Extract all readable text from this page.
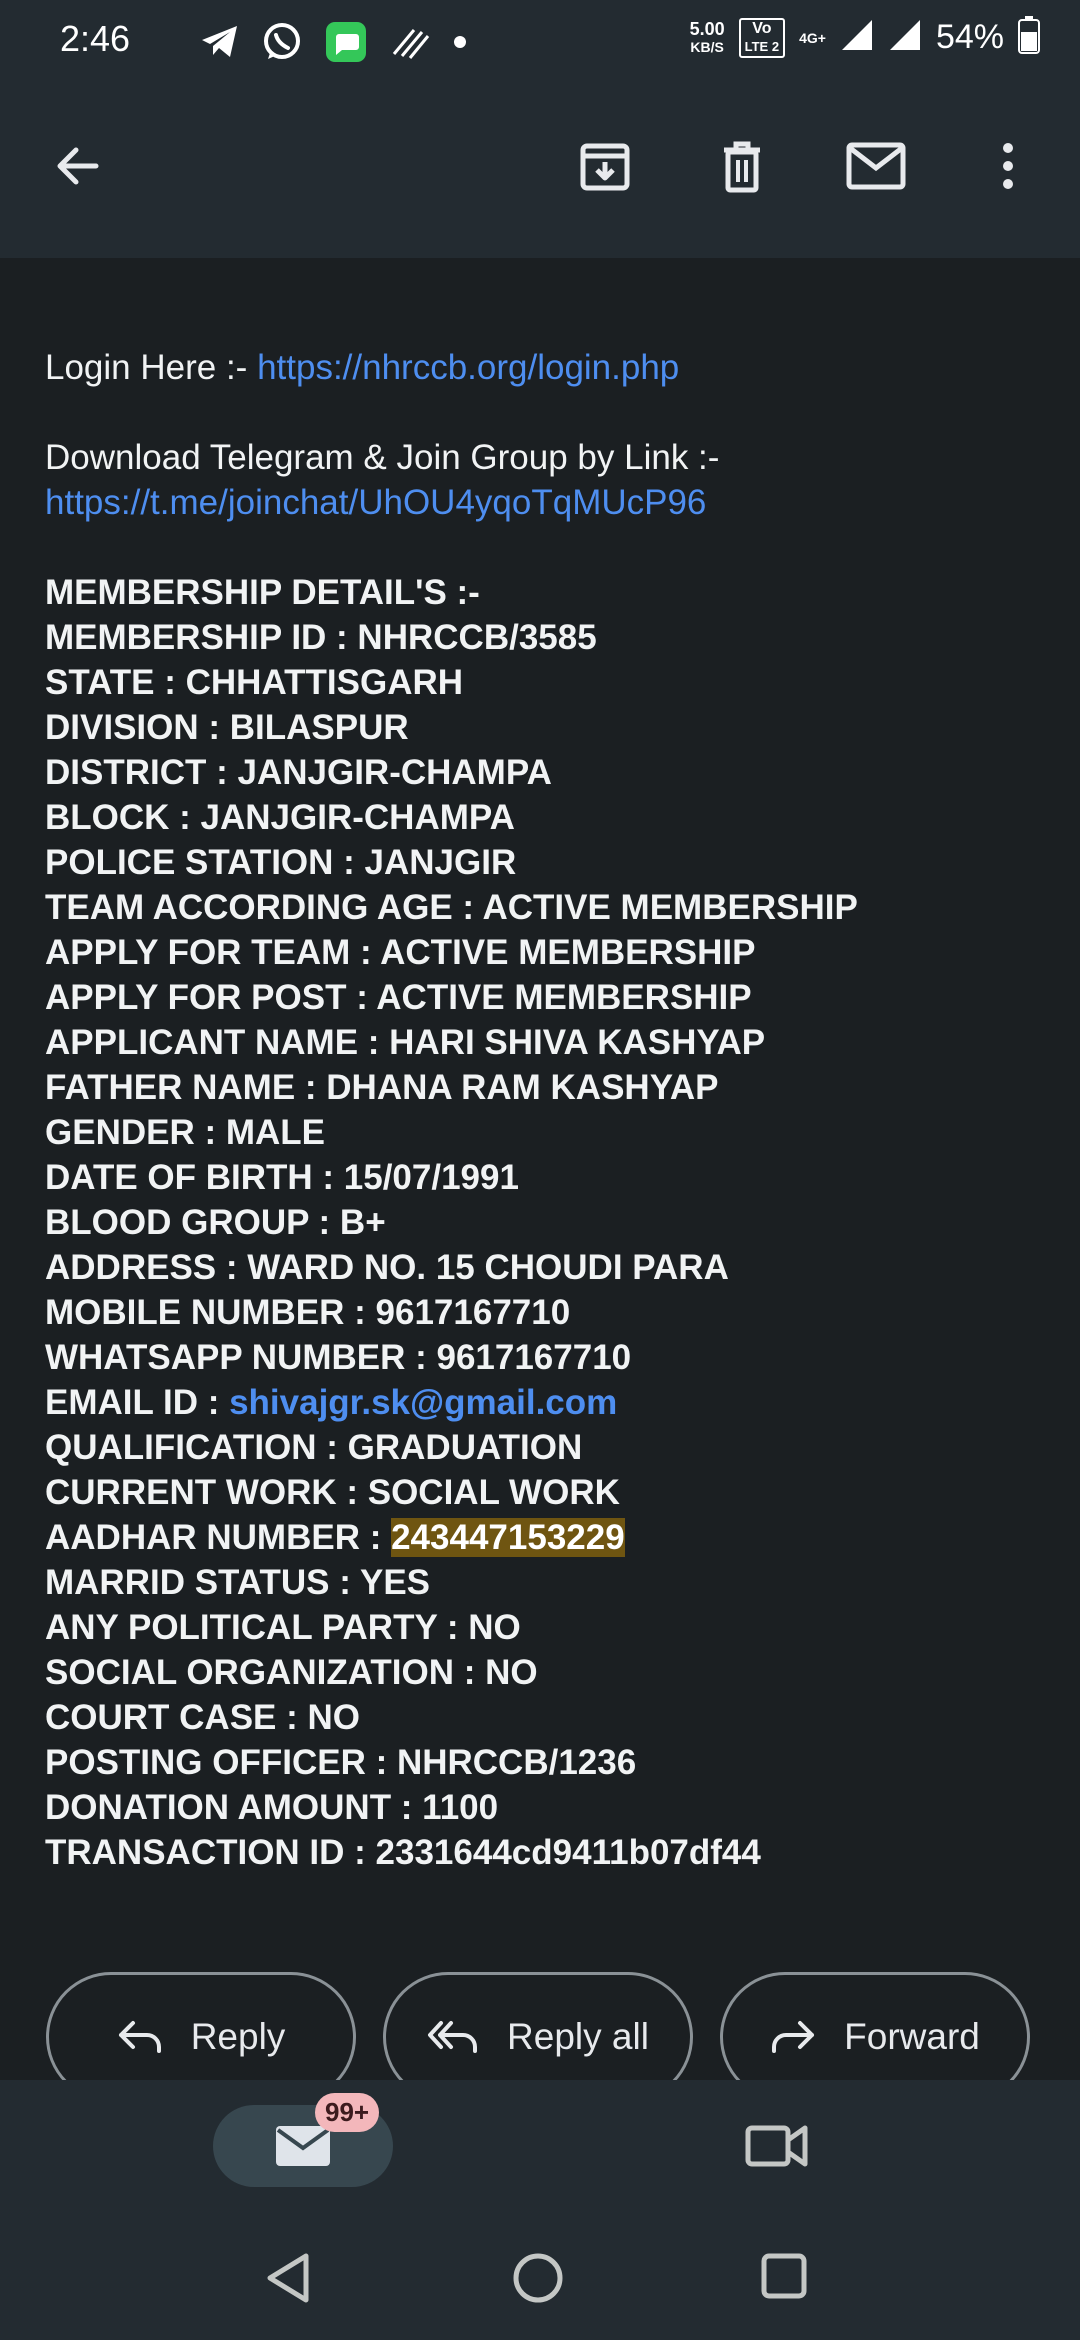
2:46	5.00
KB/S
Vo
LTE 2
4G+	54%
Login Here :- https://nhrccb.org/login.php
Download Telegram & Join Group by Link :-
https://t.me/joinchat/UhOU4yqoTqMUcP96
MEMBERSHIP DETAIL'S :-
MEMBERSHIP ID : NHRCCB/3585
STATE : CHHATTISGARH
DIVISION : BILASPUR
DISTRICT : JANJGIR-CHAMPA
BLOCK : JANJGIR-CHAMPA
POLICE STATION : JANJGIR
TEAM ACCORDING AGE : ACTIVE MEMBERSHIP
APPLY FOR TEAM : ACTIVE MEMBERSHIP
APPLY FOR POST : ACTIVE MEMBERSHIP
APPLICANT NAME : HARI SHIVA KASHYAP
FATHER NAME : DHANA RAM KASHYAP
GENDER : MALE
DATE OF BIRTH : 15/07/1991
BLOOD GROUP : B+
ADDRESS : WARD NO. 15 CHOUDI PARA
MOBILE NUMBER : 9617167710
WHATSAPP NUMBER : 9617167710
EMAIL ID : shivajgr.sk@gmail.com
QUALIFICATION : GRADUATION
CURRENT WORK : SOCIAL WORK
AADHAR NUMBER : 243447153229
MARRID STATUS : YES
ANY POLITICAL PARTY : NO
SOCIAL ORGANIZATION : NO
COURT CASE : NO
POSTING OFFICER : NHRCCB/1236
DONATION AMOUNT : 1100
TRANSACTION ID : 2331644cd9411b07df44
Reply	Reply all	Forward
99+
